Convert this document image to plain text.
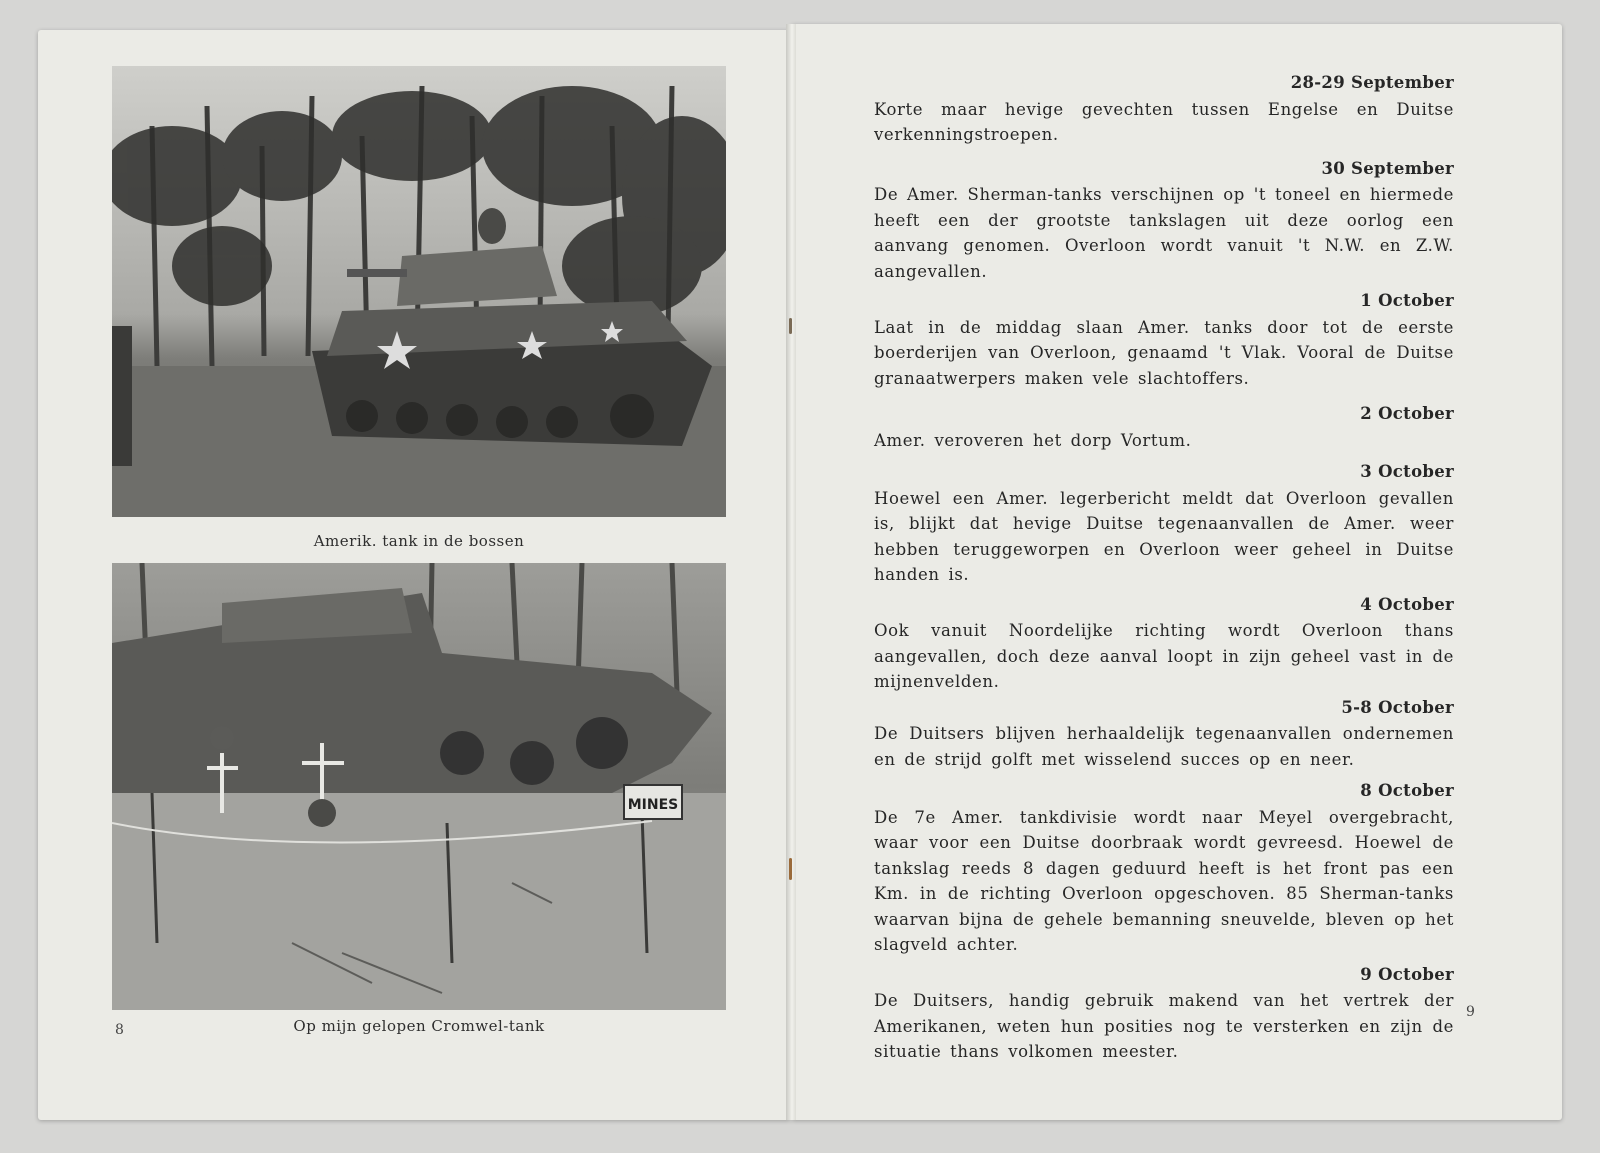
Amerik. tank in de bossen
MINES
Op mijn gelopen Cromwel-tank
8
9

28-29 September

Korte maar hevige gevechten tussen Engelse en Duitse verkenningstroepen.

30 September

De Amer. Sherman-tanks verschijnen op 't toneel en hiermede heeft een der grootste tankslagen uit deze oorlog een aanvang genomen. Overloon wordt vanuit 't N.W. en Z.W. aangevallen.

1 October

Laat in de middag slaan Amer. tanks door tot de eerste boerderijen van Overloon, genaamd 't Vlak. Vooral de Duitse granaatwerpers maken vele slachtoffers.

2 October

Amer. veroveren het dorp Vortum.

3 October

Hoewel een Amer. legerbericht meldt dat Overloon gevallen is, blijkt dat hevige Duitse tegenaanvallen de Amer. weer hebben teruggeworpen en Overloon weer geheel in Duitse handen is.

4 October

Ook vanuit Noordelijke richting wordt Overloon thans aangevallen, doch deze aanval loopt in zijn geheel vast in de mijnenvelden.

5-8 October

De Duitsers blijven herhaaldelijk tegenaanvallen ondernemen en de strijd golft met wisselend succes op en neer.

8 October

De 7e Amer. tankdivisie wordt naar Meyel overgebracht, waar voor een Duitse doorbraak wordt gevreesd. Hoewel de tankslag reeds 8 dagen geduurd heeft is het front pas een Km. in de richting Overloon opgeschoven. 85 Sherman-tanks waarvan bijna de gehele bemanning sneuvelde, bleven op het slagveld achter.

9 October

De Duitsers, handig gebruik makend van het vertrek der Amerikanen, weten hun posities nog te versterken en zijn de situatie thans volkomen meester.
